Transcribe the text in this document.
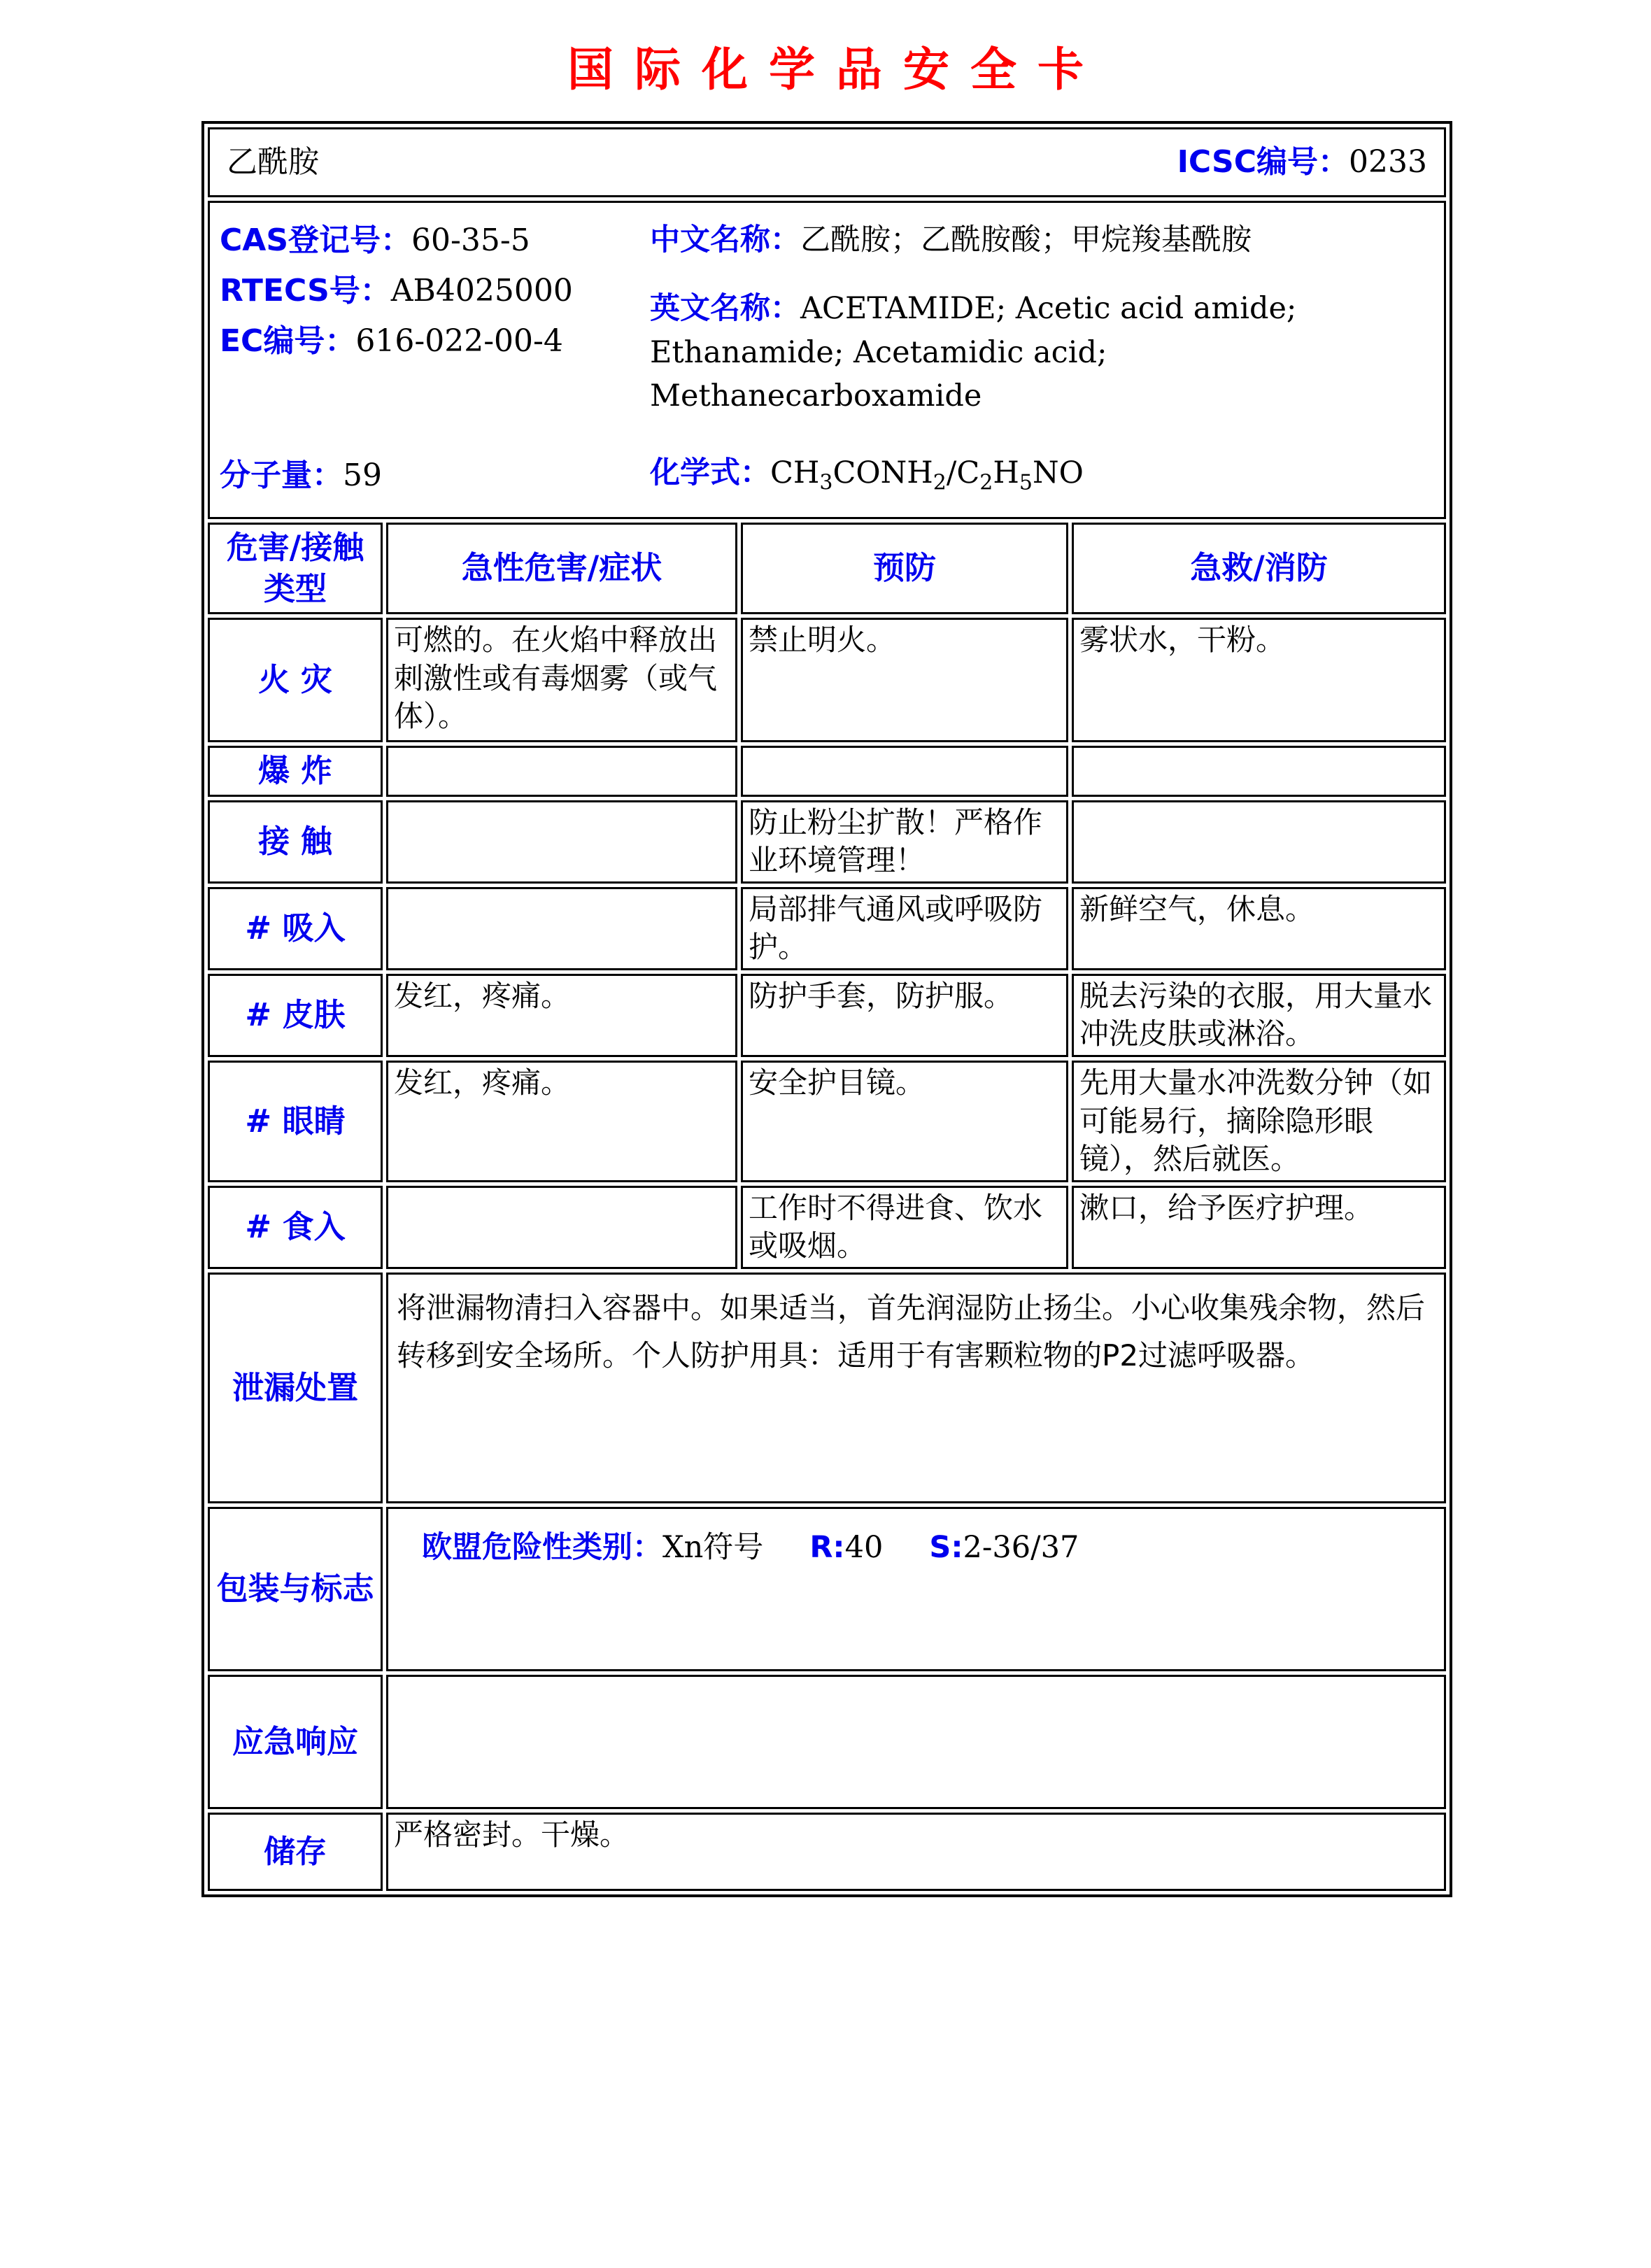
国际化学品安全卡
乙酰胺 ICSC编号：0233			

CAS登记号：60-35-5
RTECS号：AB4025000
EC编号：616-022-00-4
分子量：59
中文名称：乙酰胺；乙酰胺酸；甲烷羧基酰胺
英文名称：ACETAMIDE; Acetic acid amide; Ethanamide; Acetamidic acid; Methanecarboxamide
化学式：$CH_3CONH_2/C_2H_5NO$

危害/接触 类型	急性危害/症状	预防	急救/消防
火 灾	可燃的。在火焰中释放出刺激性或有毒烟雾（或气体）。	禁止明火。	雾状水，干粉。
爆 炸			
接 触		防止粉尘扩散！严格作业环境管理！	
# 吸入		局部排气通风或呼吸防护。	新鲜空气，休息。
# 皮肤	发红，疼痛。	防护手套，防护服。	脱去污染的衣服，用大量水冲洗皮肤或淋浴。
# 眼睛	发红，疼痛。	安全护目镜。	先用大量水冲洗数分钟（如可能易行，摘除隐形眼镜），然后就医。
# 食入		工作时不得进食、饮水或吸烟。	漱口，给予医疗护理。
泄漏处置	将泄漏物清扫入容器中。如果适当，首先润湿防止扬尘。小心收集残余物，然后转移到安全场所。个人防护用具：适用于有害颗粒物的P2过滤呼吸器。		
包装与标志	欧盟危险性类别：Xn符号 R:40 S:2-36/37		

应急响应			
储存	严格密封。干燥。		
